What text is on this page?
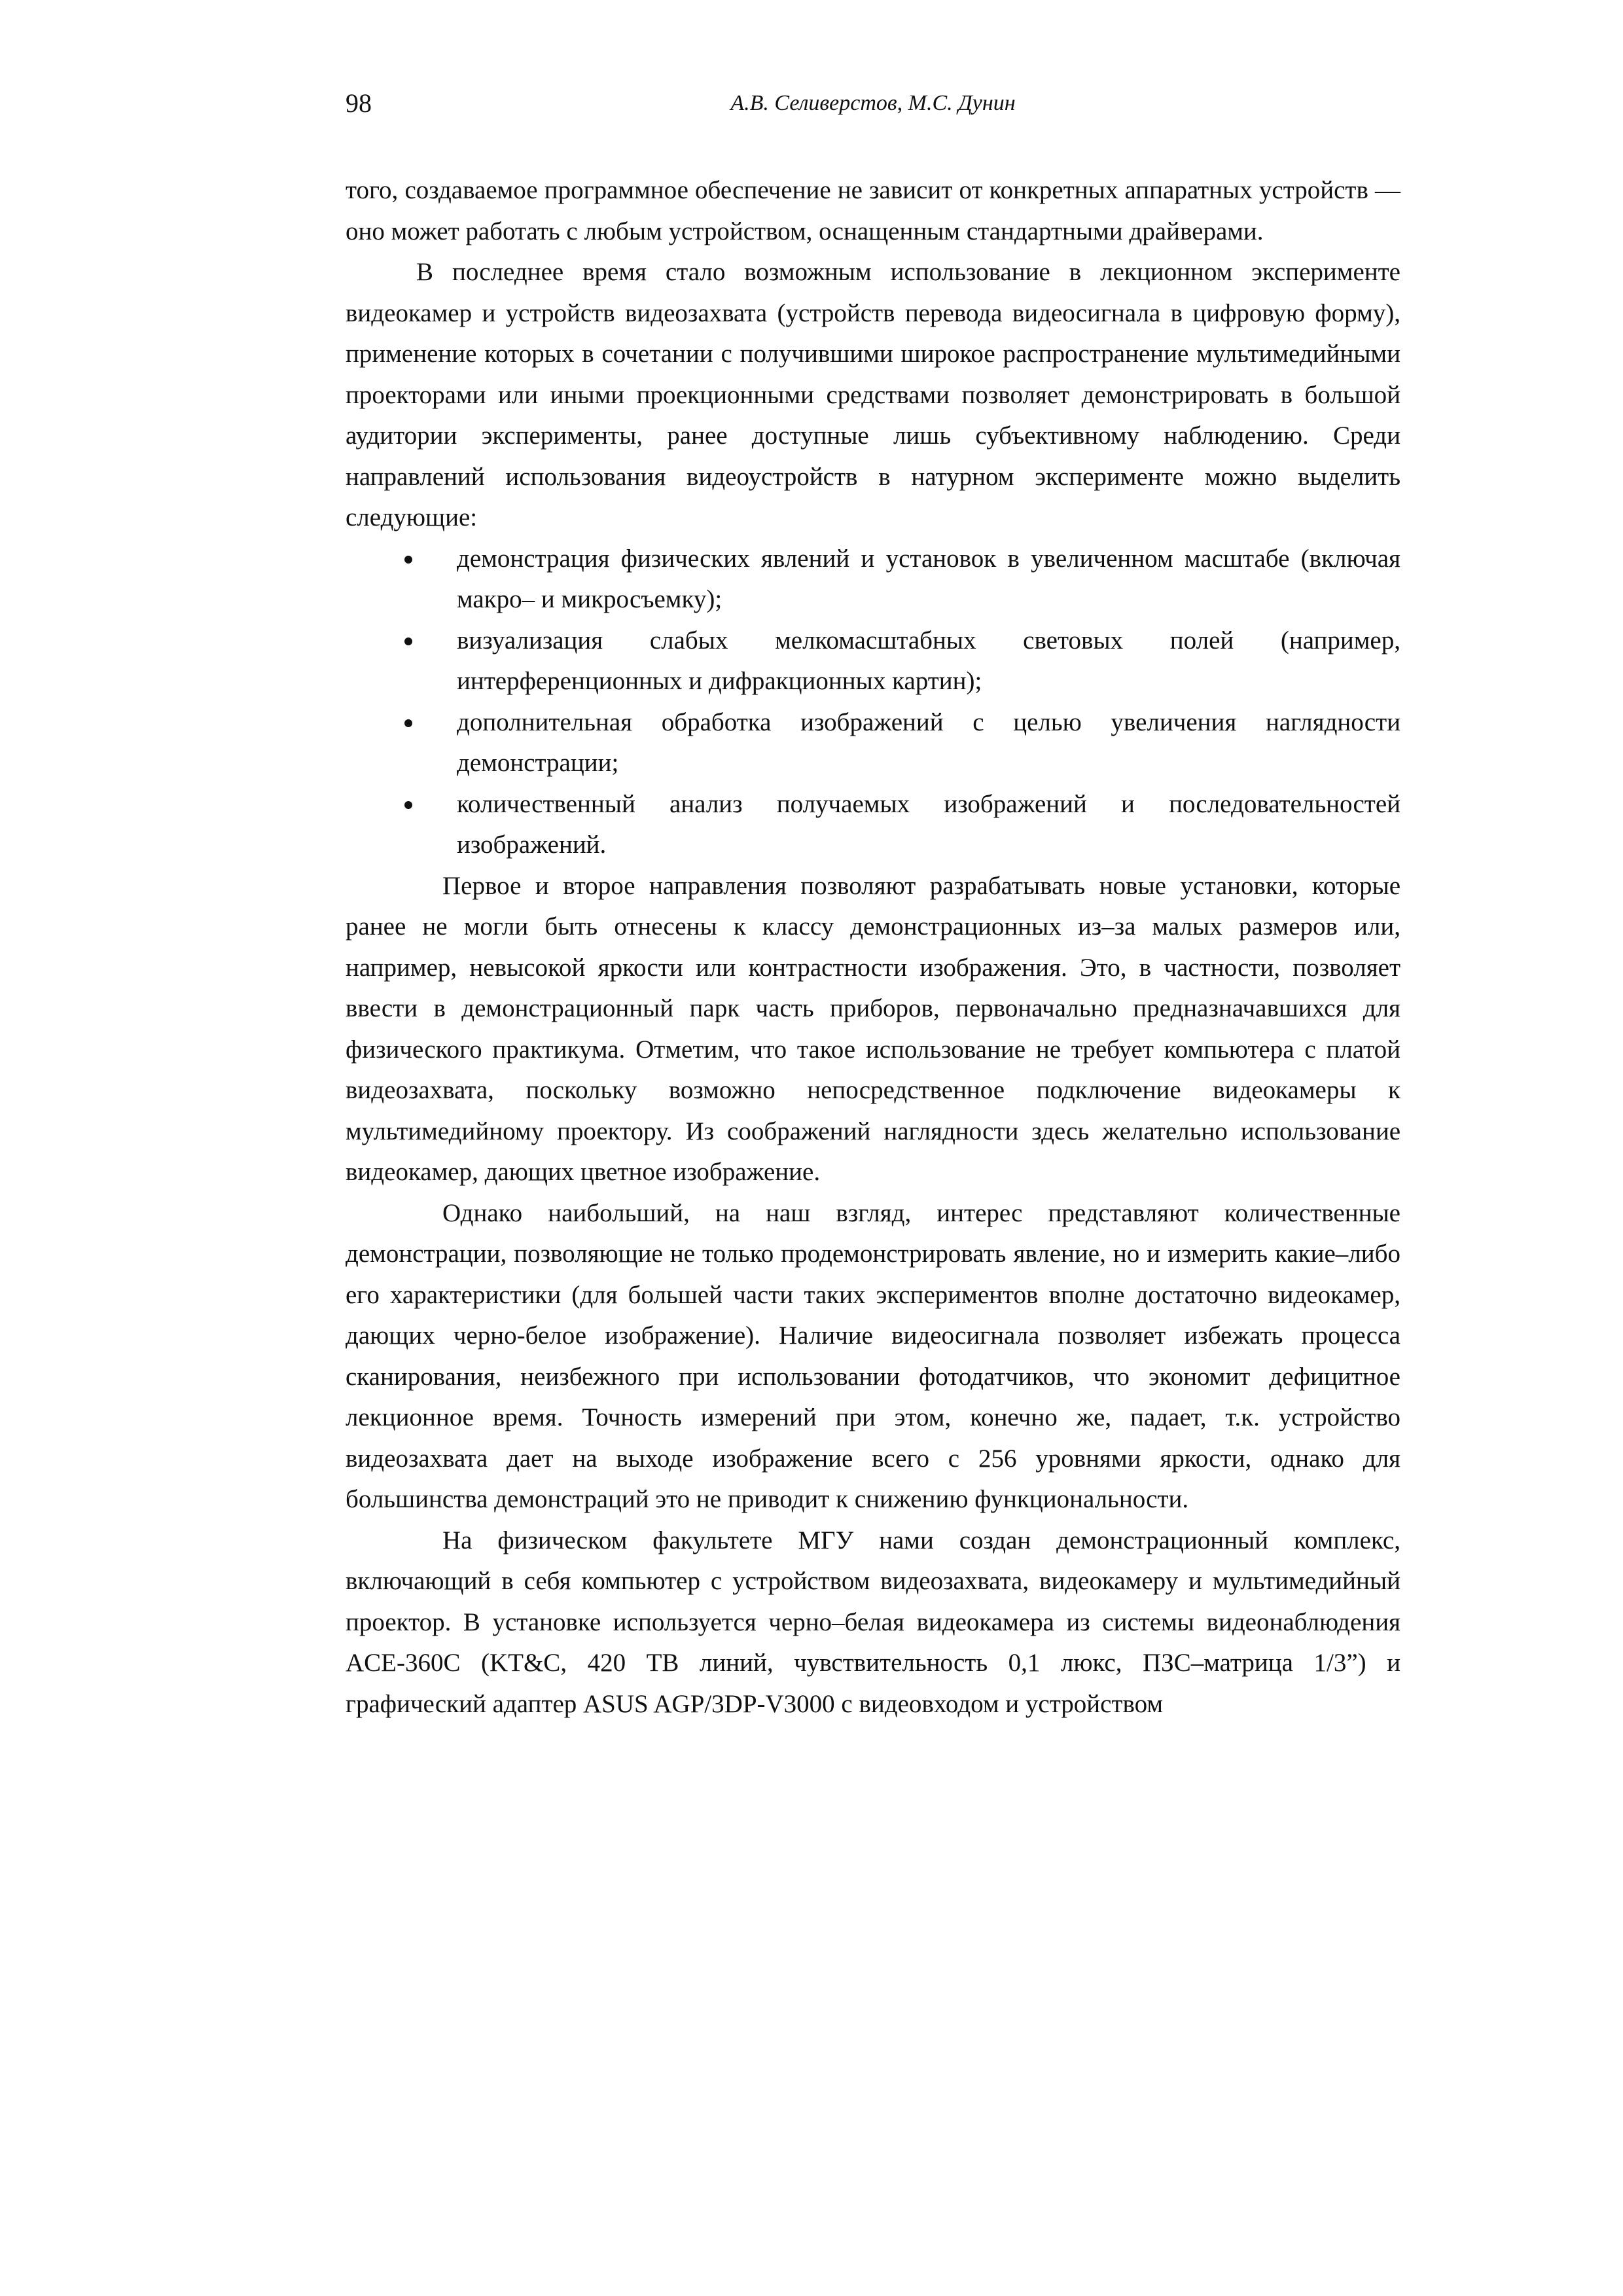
98	А.В. Селиверстов, М.С. Дунин

того, создаваемое программное обеспечение не зависит от конкретных аппаратных устройств — оно может работать с любым устройством, оснащенным стандартными драйверами.

В последнее время стало возможным использование в лекционном эксперименте видеокамер и устройств видеозахвата (устройств перевода видеосигнала в цифровую форму), применение которых в сочетании с получившими широкое распространение мультимедийными проекторами или иными проекционными средствами позволяет демонстрировать в большой аудитории эксперименты, ранее доступные лишь субъективному наблюдению. Среди направлений использования видеоустройств в натурном эксперименте можно выделить следующие:

демонстрация физических явлений и установок в увеличенном масштабе (включая макро– и микросъемку);
визуализация слабых мелкомасштабных световых полей (например, интерференционных и дифракционных картин);
дополнительная обработка изображений с целью увеличения наглядности демонстрации;
количественный анализ получаемых изображений и последовательностей изображений.

Первое и второе направления позволяют разрабатывать новые установки, которые ранее не могли быть отнесены к классу демонстрационных из–за малых размеров или, например, невысокой яркости или контрастности изображения. Это, в частности, позволяет ввести в демонстрационный парк часть приборов, первоначально предназначавшихся для физического практикума. Отметим, что такое использование не требует компьютера с платой видеозахвата, поскольку возможно непосредственное подключение видеокамеры к мультимедийному проектору. Из соображений наглядности здесь желательно использование видеокамер, дающих цветное изображение.

Однако наибольший, на наш взгляд, интерес представляют количественные демонстрации, позволяющие не только продемонстрировать явление, но и измерить какие–либо его характеристики (для большей части таких экспериментов вполне достаточно видеокамер, дающих черно-белое изображение). Наличие видеосигнала позволяет избежать процесса сканирования, неизбежного при использовании фотодатчиков, что экономит дефицитное лекционное время. Точность измерений при этом, конечно же, падает, т.к. устройство видеозахвата дает на выходе изображение всего с 256 уровнями яркости, однако для большинства демонстраций это не приводит к снижению функциональности.

На физическом факультете МГУ нами создан демонстрационный комплекс, включающий в себя компьютер с устройством видеозахвата, видеокамеру и мультимедийный проектор. В установке используется черно–белая видеокамера из системы видеонаблюдения ACE-360C (KT&C, 420 ТВ линий, чувствительность 0,1 люкс, ПЗС–матрица 1/3”) и графический адаптер ASUS AGP/3DP-V3000 с видеовходом и устройством
